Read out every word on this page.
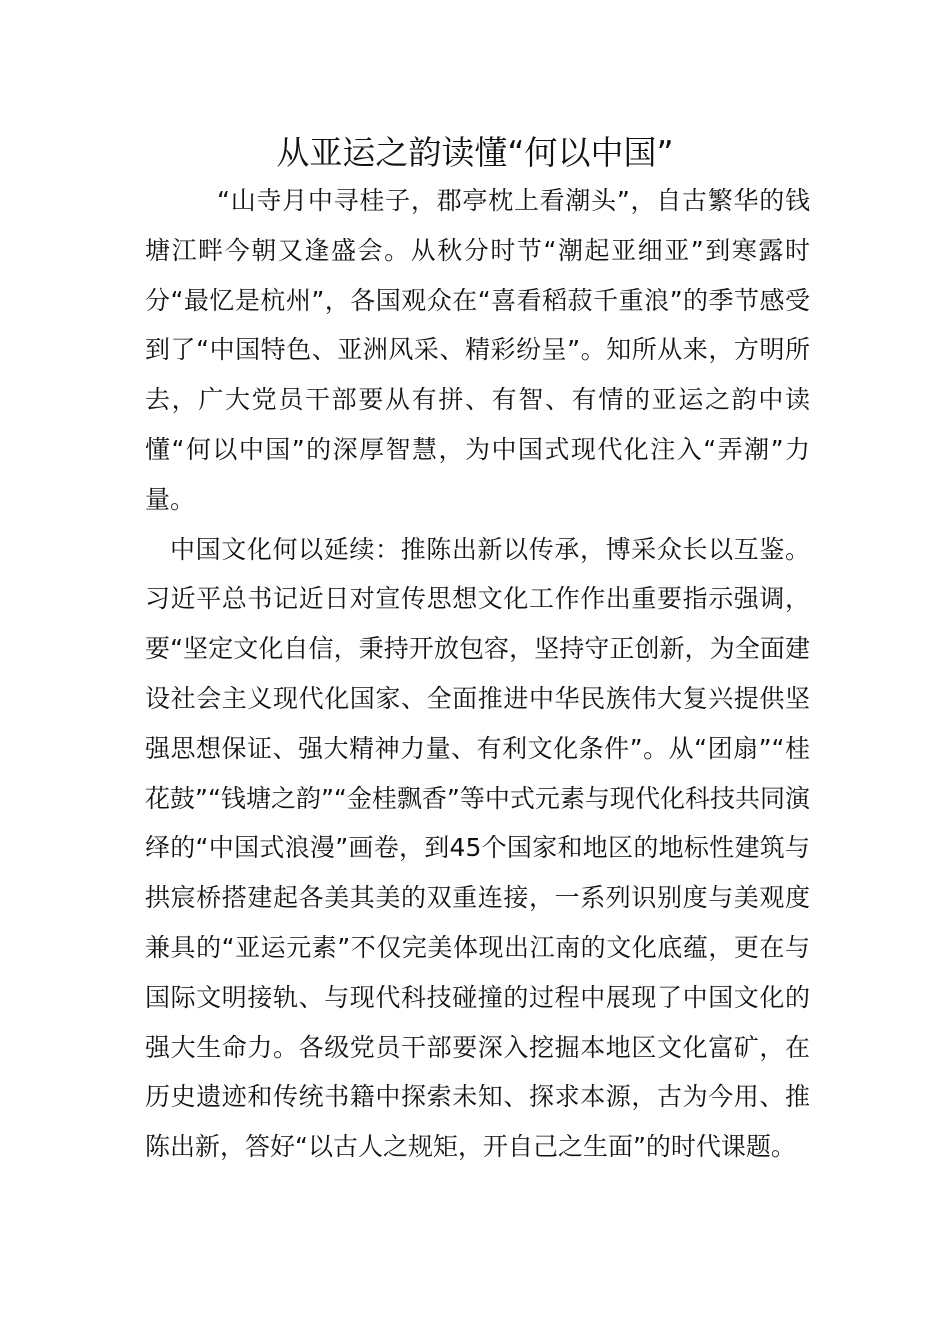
从亚运之韵读懂“何以中国”

“山寺月中寻桂子，郡亭枕上看潮头”，自古繁华的钱塘江畔今朝又逢盛会。从秋分时节“潮起亚细亚”到寒露时分“最忆是杭州”，各国观众在“喜看稻菽千重浪”的季节感受到了“中国特色、亚洲风采、精彩纷呈”。知所从来，方明所去，广大党员干部要从有拼、有智、有情的亚运之韵中读懂“何以中国”的深厚智慧，为中国式现代化注入“弄潮”力量。

中国文化何以延续：推陈出新以传承，博采众长以互鉴。习近平总书记近日对宣传思想文化工作作出重要指示强调，要“坚定文化自信，秉持开放包容，坚持守正创新，为全面建设社会主义现代化国家、全面推进中华民族伟大复兴提供坚强思想保证、强大精神力量、有利文化条件”。从“团扇”“桂花鼓”“钱塘之韵”“金桂飘香”等中式元素与现代化科技共同演绎的“中国式浪漫”画卷，到45个国家和地区的地标性建筑与拱宸桥搭建起各美其美的双重连接，一系列识别度与美观度兼具的“亚运元素”不仅完美体现出江南的文化底蕴，更在与国际文明接轨、与现代科技碰撞的过程中展现了中国文化的强大生命力。各级党员干部要深入挖掘本地区文化富矿，在历史遗迹和传统书籍中探索未知、探求本源，古为今用、推陈出新，答好“以古人之规矩，开自己之生面”的时代课题。
